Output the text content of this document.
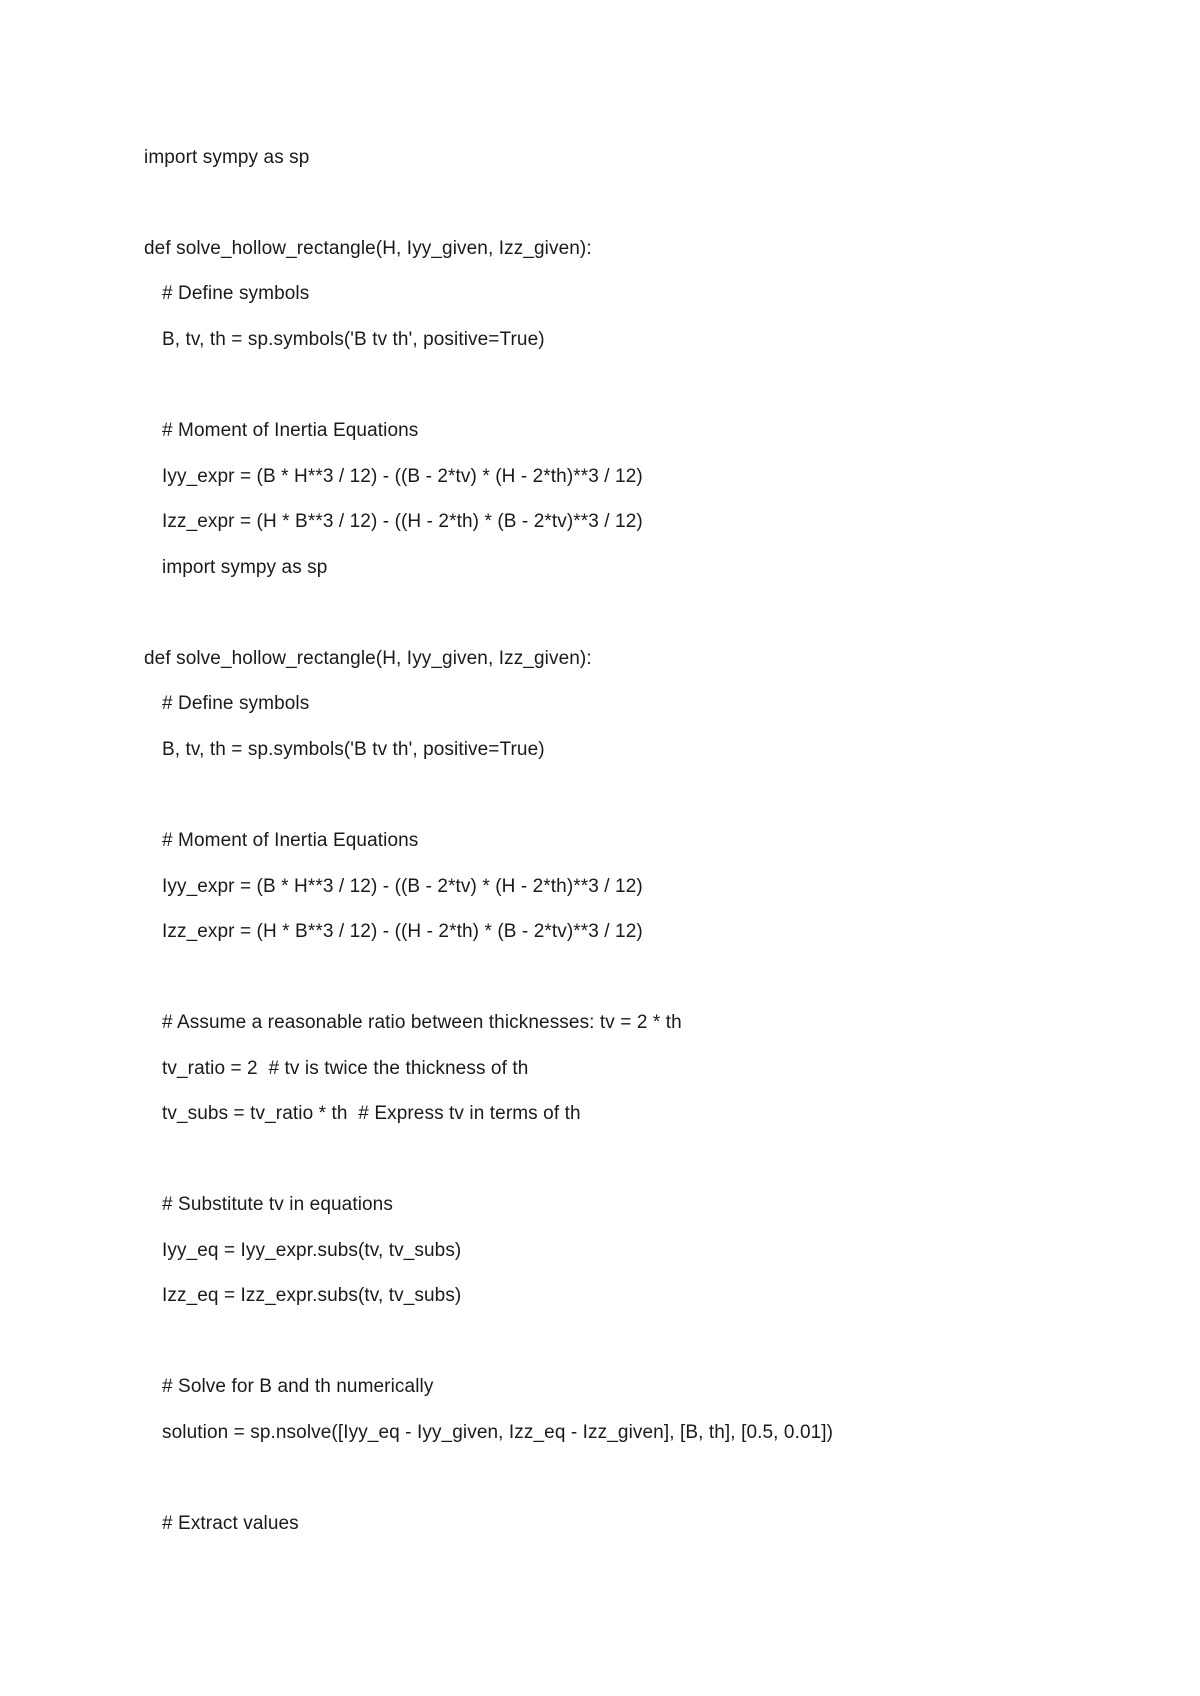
import sympy as sp
def solve_hollow_rectangle(H, Iyy_given, Izz_given):
# Define symbols
B, tv, th = sp.symbols('B tv th', positive=True)
# Moment of Inertia Equations
Iyy_expr = (B * H**3 / 12) - ((B - 2*tv) * (H - 2*th)**3 / 12)
Izz_expr = (H * B**3 / 12) - ((H - 2*th) * (B - 2*tv)**3 / 12)
import sympy as sp
def solve_hollow_rectangle(H, Iyy_given, Izz_given):
# Define symbols
B, tv, th = sp.symbols('B tv th', positive=True)
# Moment of Inertia Equations
Iyy_expr = (B * H**3 / 12) - ((B - 2*tv) * (H - 2*th)**3 / 12)
Izz_expr = (H * B**3 / 12) - ((H - 2*th) * (B - 2*tv)**3 / 12)
# Assume a reasonable ratio between thicknesses: tv = 2 * th
tv_ratio = 2  # tv is twice the thickness of th
tv_subs = tv_ratio * th  # Express tv in terms of th
# Substitute tv in equations
Iyy_eq = Iyy_expr.subs(tv, tv_subs)
Izz_eq = Izz_expr.subs(tv, tv_subs)
# Solve for B and th numerically
solution = sp.nsolve([Iyy_eq - Iyy_given, Izz_eq - Izz_given], [B, th], [0.5, 0.01])
# Extract values
